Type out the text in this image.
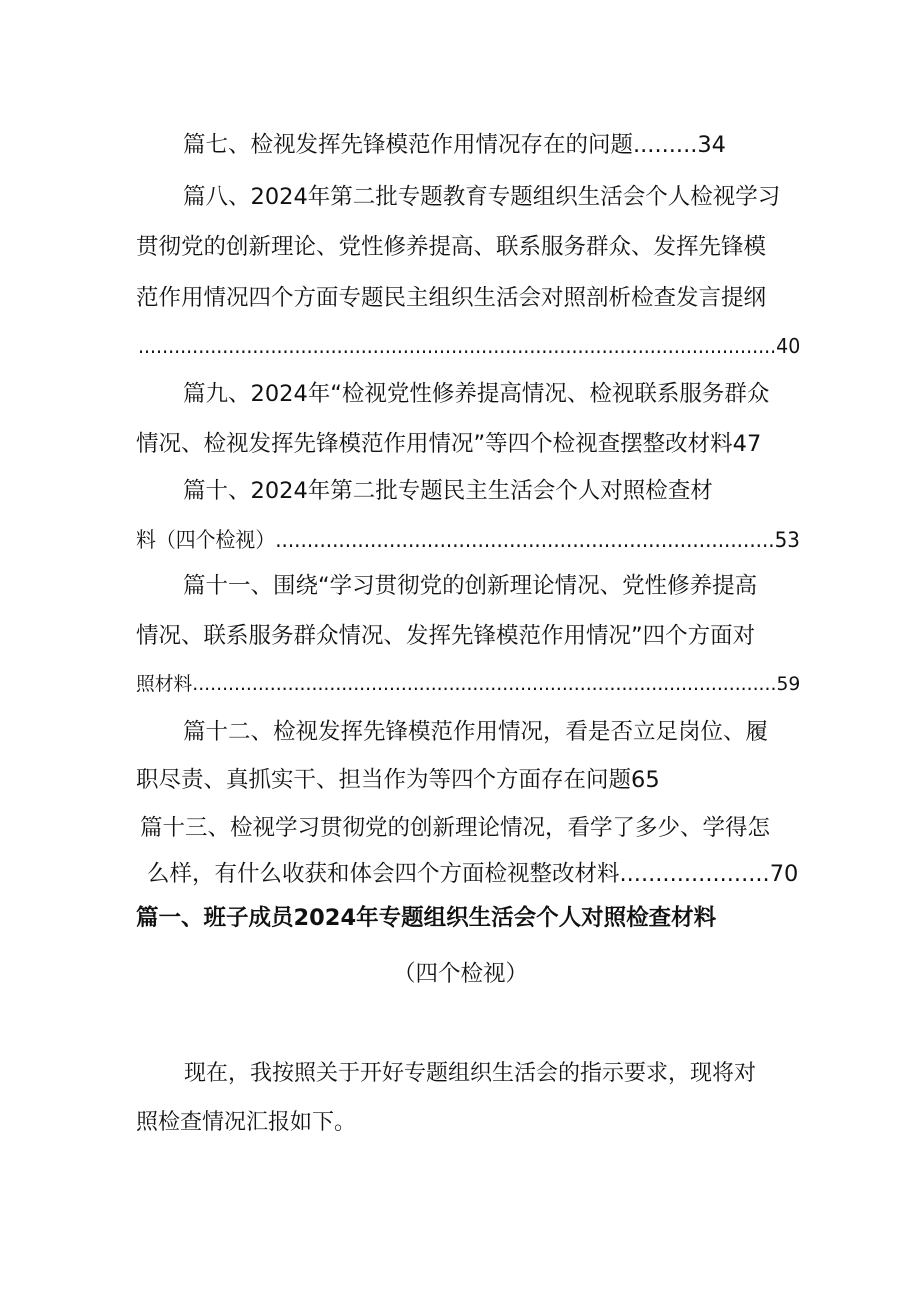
篇七、检视发挥先锋模范作用情况存在的问题.........34
篇八、2024年第二批专题教育专题组织生活会个人检视学习
贯彻党的创新理论、党性修养提高、联系服务群众、发挥先锋模
范作用情况四个方面专题民主组织生活会对照剖析检查发言提纲
..........................................................................................................40
篇九、2024年“检视党性修养提高情况、检视联系服务群众
情况、检视发挥先锋模范作用情况”等四个检视查摆整改材料47
篇十、2024年第二批专题民主生活会个人对照检查材
料（四个检视）...............................................................................53
篇十一、围绕“学习贯彻党的创新理论情况、党性修养提高
情况、联系服务群众情况、发挥先锋模范作用情况”四个方面对
照材料..................................................................................................59
篇十二、检视发挥先锋模范作用情况，看是否立足岗位、履
职尽责、真抓实干、担当作为等四个方面存在问题65
篇十三、检视学习贯彻党的创新理论情况，看学了多少、学得怎
么样，有什么收获和体会四个方面检视整改材料.....................70
篇一、班子成员2024年专题组织生活会个人对照检查材料
（四个检视）
现在，我按照关于开好专题组织生活会的指示要求，现将对
照检查情况汇报如下。
